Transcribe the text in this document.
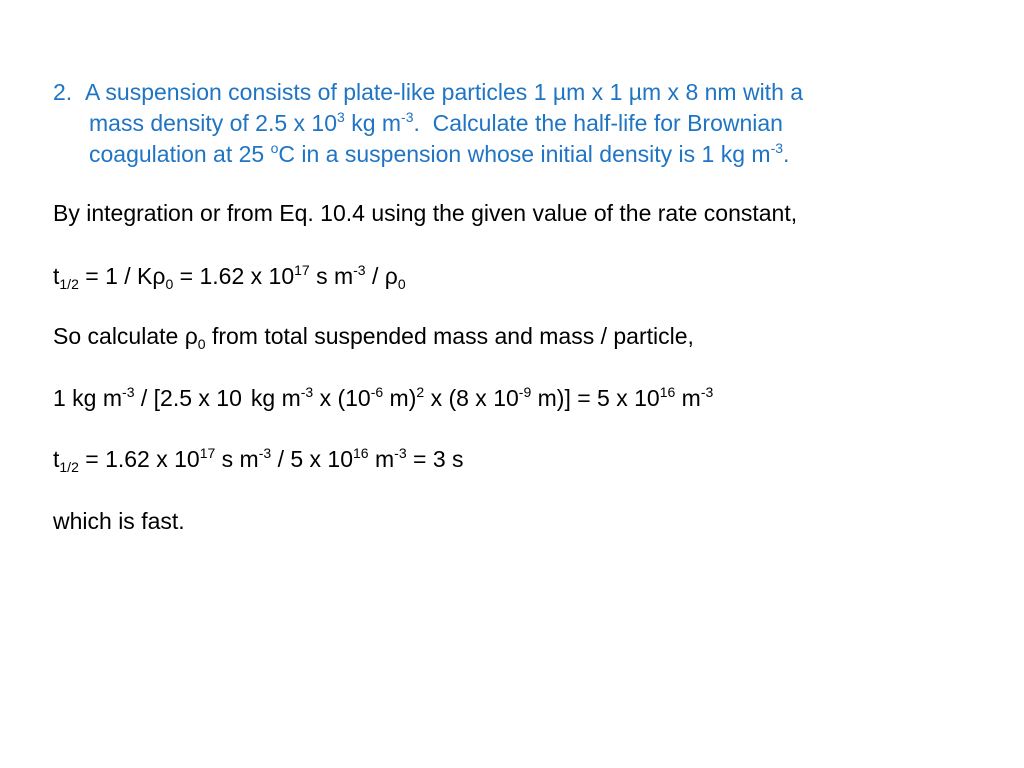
2. A suspension consists of plate-like particles 1 µm x 1 µm x 8 nm with a
mass density of 2.5 x $10^3$ kg $m^{-3}$.  Calculate the half-life for Brownian
coagulation at 25 $^o$C in a suspension whose initial density is 1 kg $m^{-3}$.
By integration or from Eq. 10.4 using the given value of the rate constant,
$t_{1/2} = 1 / K\rho_0 = 1.62$ x $10^{17}$ s $m^{-3} / \rho_0$
So calculate $\rho_0$ from total suspended mass and mass / particle,
1 kg $m^{-3} / [2.5$ x 10 kg $m^{-3}$ x ($10^{-6}$ m)$^2$ x (8 x $10^{-9}$ m)] = 5 x $10^{16}$ $m^{-3}$
$t_{1/2} = 1.62$ x $10^{17}$ s $m^{-3} / 5$ x $10^{16}$ $m^{-3} = 3$ s
which is fast.
